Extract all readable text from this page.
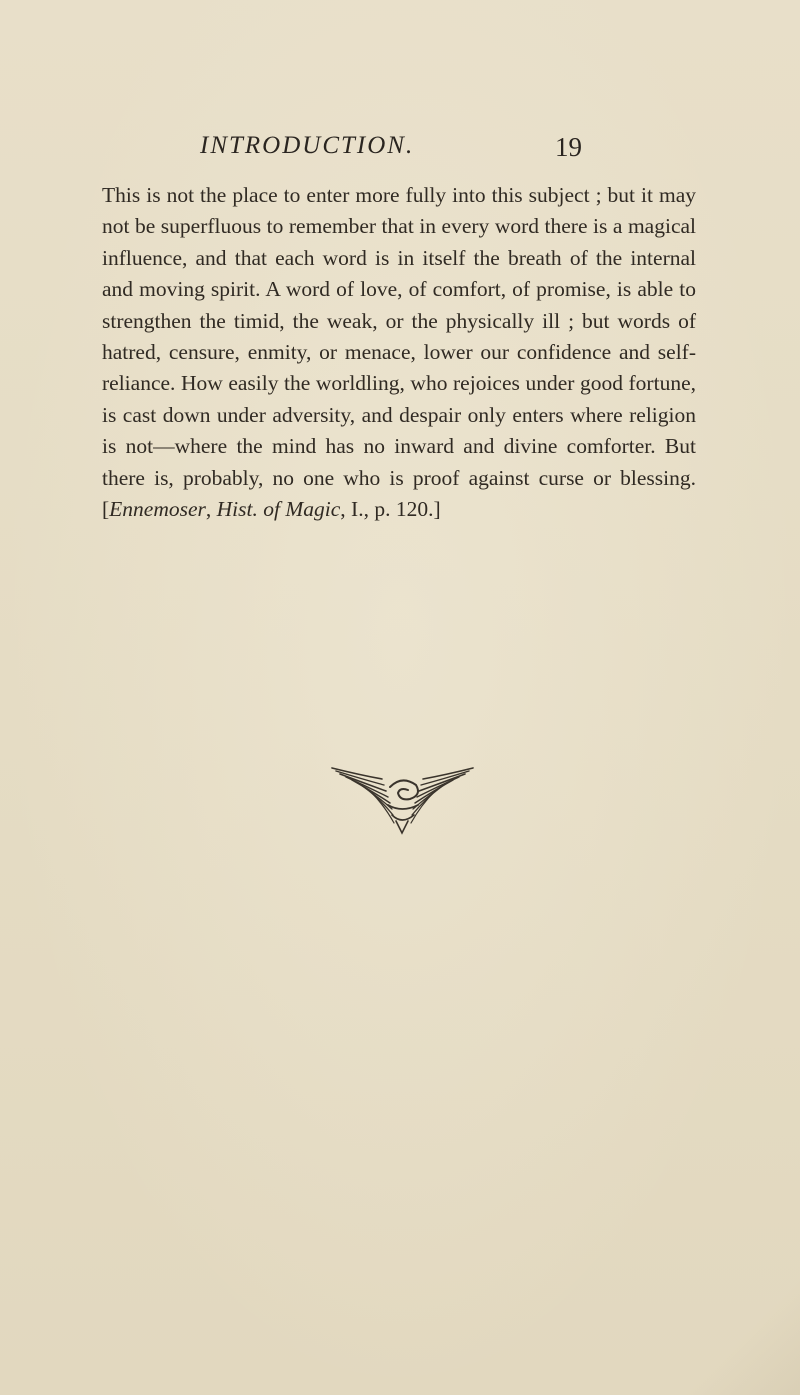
INTRODUCTION.	19

This is not the place to enter more fully into this subject ; but it may not be superfluous to remember that in every word there is a magical influence, and that each word is in itself the breath of the internal and moving spirit. A word of love, of comfort, of promise, is able to strengthen the timid, the weak, or the physically ill ; but words of hatred, censure, enmity, or menace, lower our confidence and self-reliance. How easily the worldling, who rejoices under good fortune, is cast down under adversity, and despair only enters where religion is not—where the mind has no inward and divine comforter. But there is, probably, no one who is proof against curse or blessing. [Ennemoser, Hist. of Magic, I., p. 120.]
